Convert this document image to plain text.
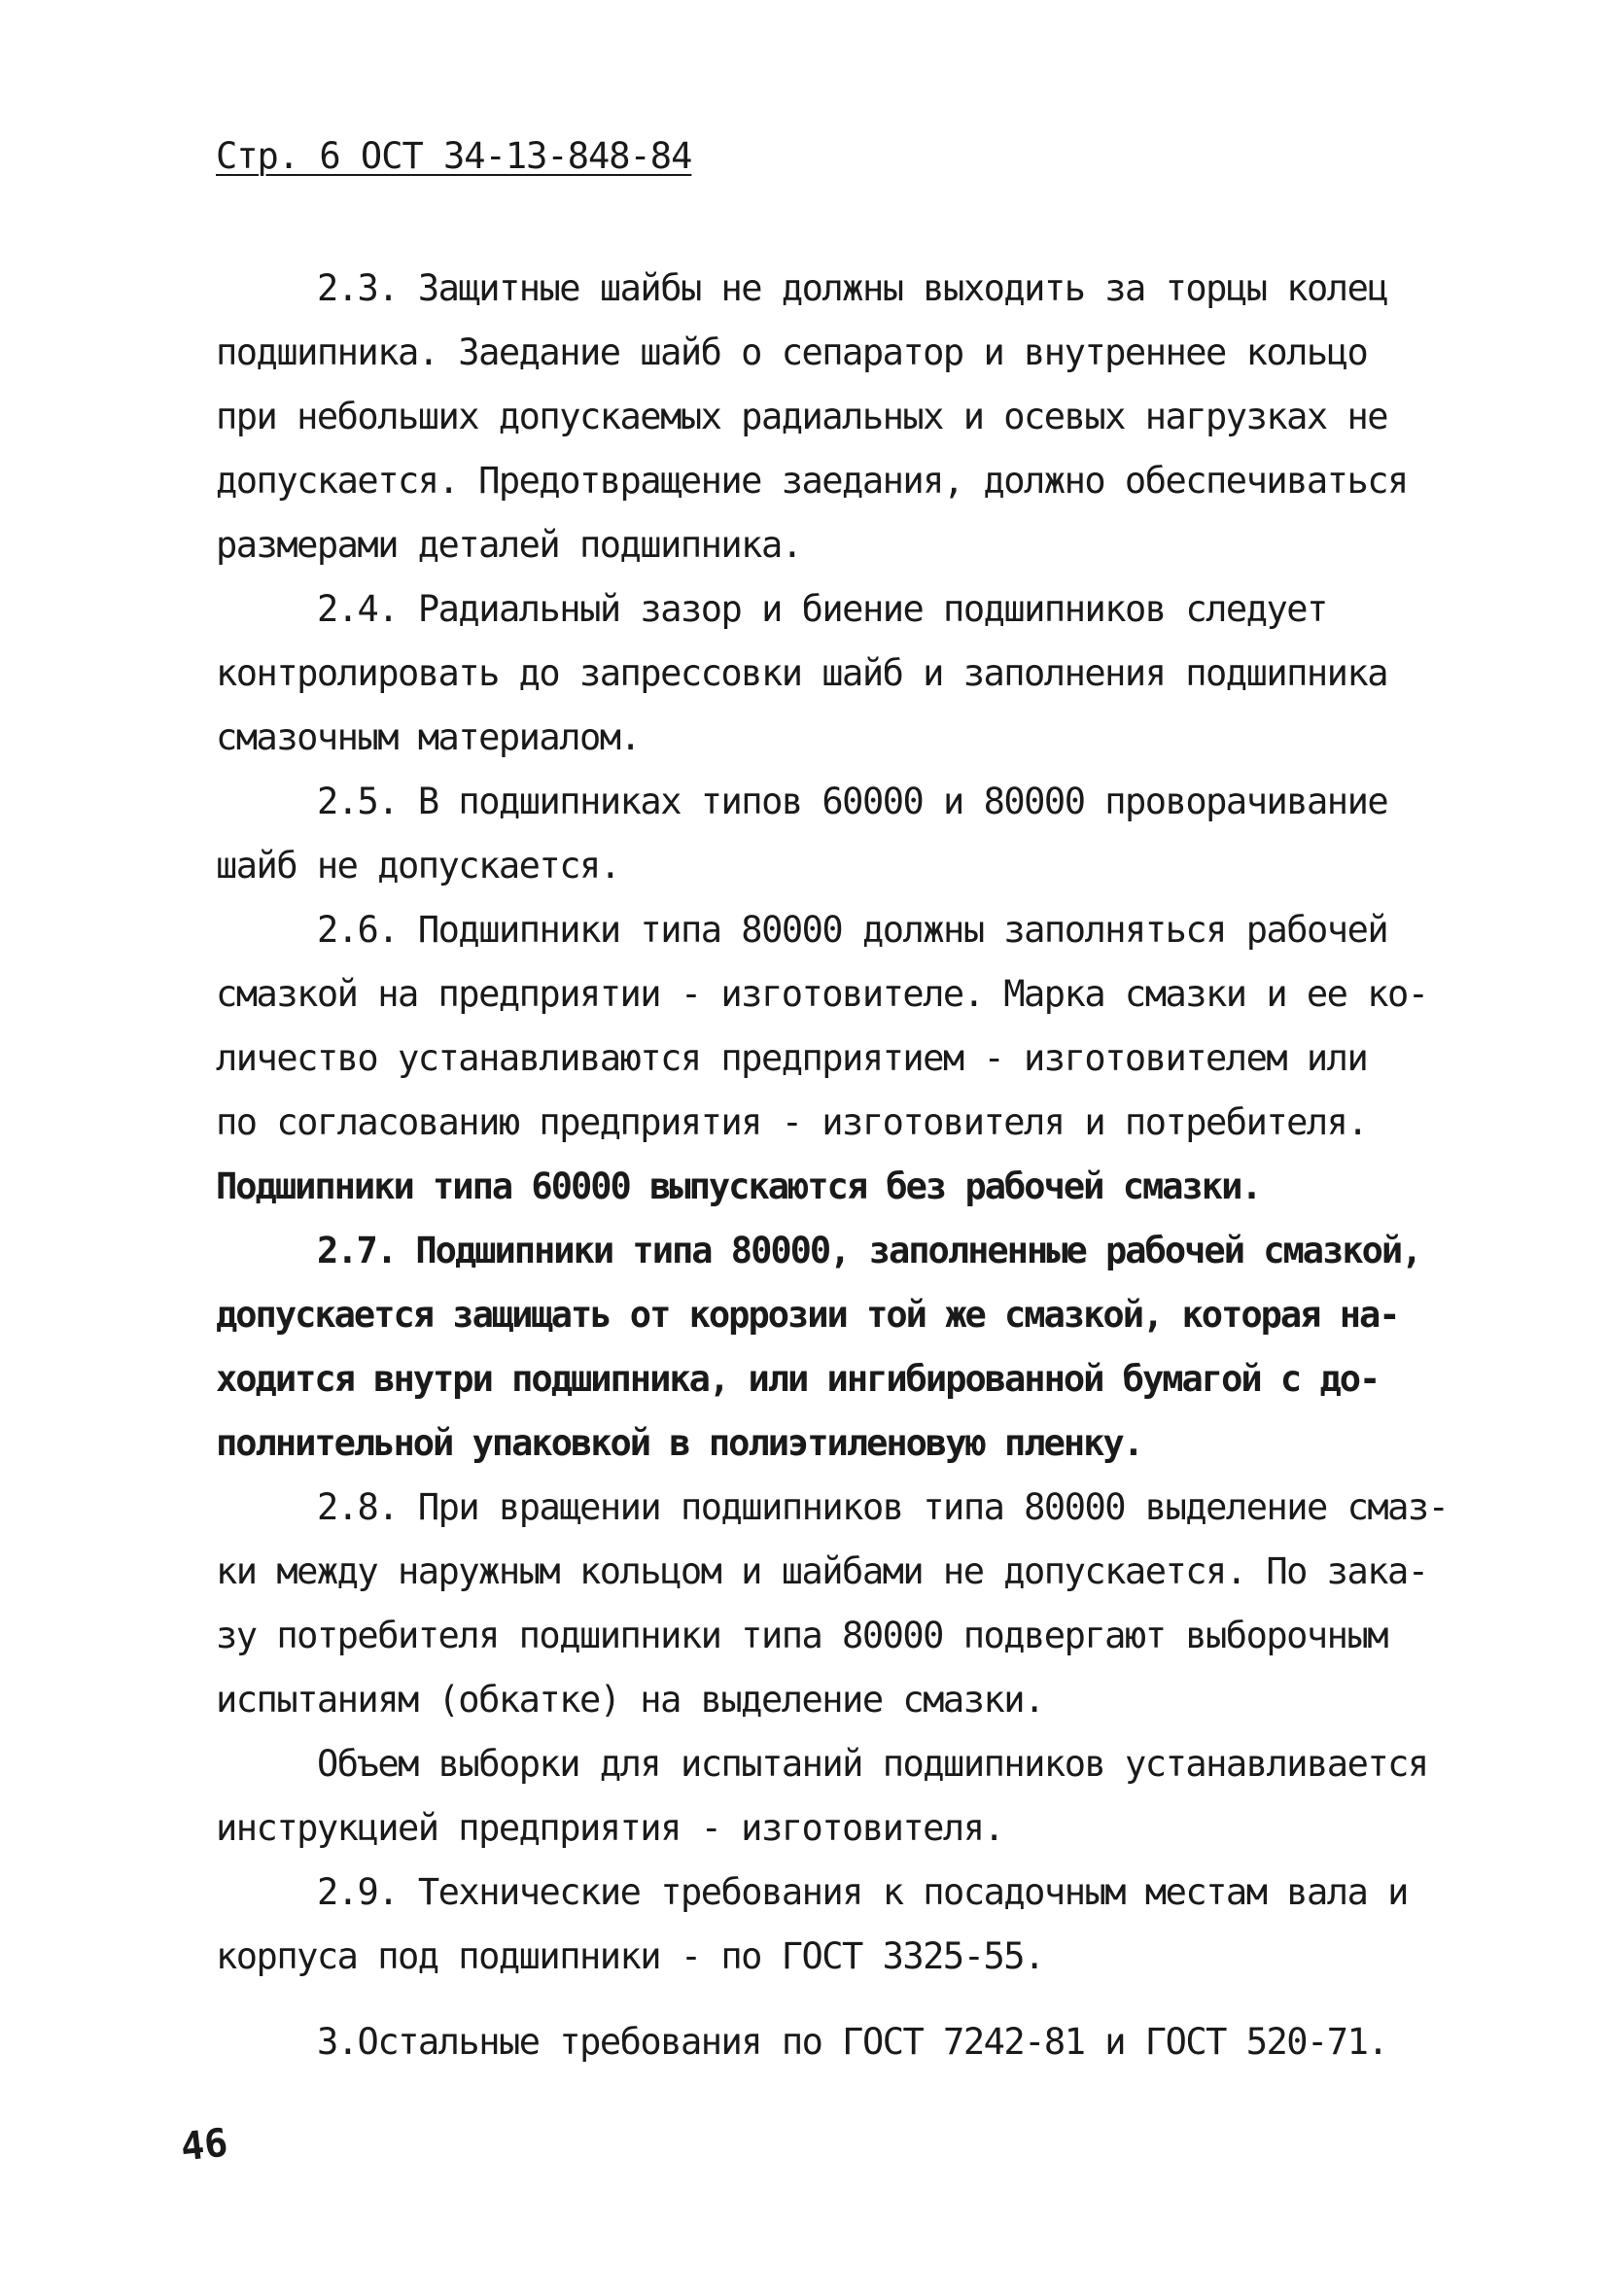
Стр. 6 ОСТ 34-13-848-84
2.3. Защитные шайбы не должны выходить за торцы колец
подшипника. Заедание шайб о сепаратор и внутреннее кольцо
при небольших допускаемых радиальных и осевых нагрузках не
допускается. Предотвращение заедания, должно обеспечиваться
размерами деталей подшипника.
2.4. Радиальный зазор и биение подшипников следует
контролировать до запрессовки шайб и заполнения подшипника
смазочным материалом.
2.5. В подшипниках типов 60000 и 80000 проворачивание
шайб не допускается.
2.6. Подшипники типа 80000 должны заполняться рабочей
смазкой на предприятии - изготовителе. Марка смазки и ее ко-
личество устанавливаются предприятием - изготовителем или
по согласованию предприятия - изготовителя и потребителя.
Подшипники типа 60000 выпускаются без рабочей смазки.
2.7. Подшипники типа 80000, заполненные рабочей смазкой,
допускается защищать от коррозии той же смазкой, которая на-
ходится внутри подшипника, или ингибированной бумагой с до-
полнительной упаковкой в полиэтиленовую пленку.
2.8. При вращении подшипников типа 80000 выделение смаз-
ки между наружным кольцом и шайбами не допускается. По зака-
зу потребителя подшипники типа 80000 подвергают выборочным
испытаниям (обкатке) на выделение смазки.
Объем выборки для испытаний подшипников устанавливается
инструкцией предприятия - изготовителя.
2.9. Технические требования к посадочным местам вала и
корпуса под подшипники - по ГОСТ 3325-55.
3.Остальные требования по ГОСТ 7242-81 и ГОСТ 520-71.
46
